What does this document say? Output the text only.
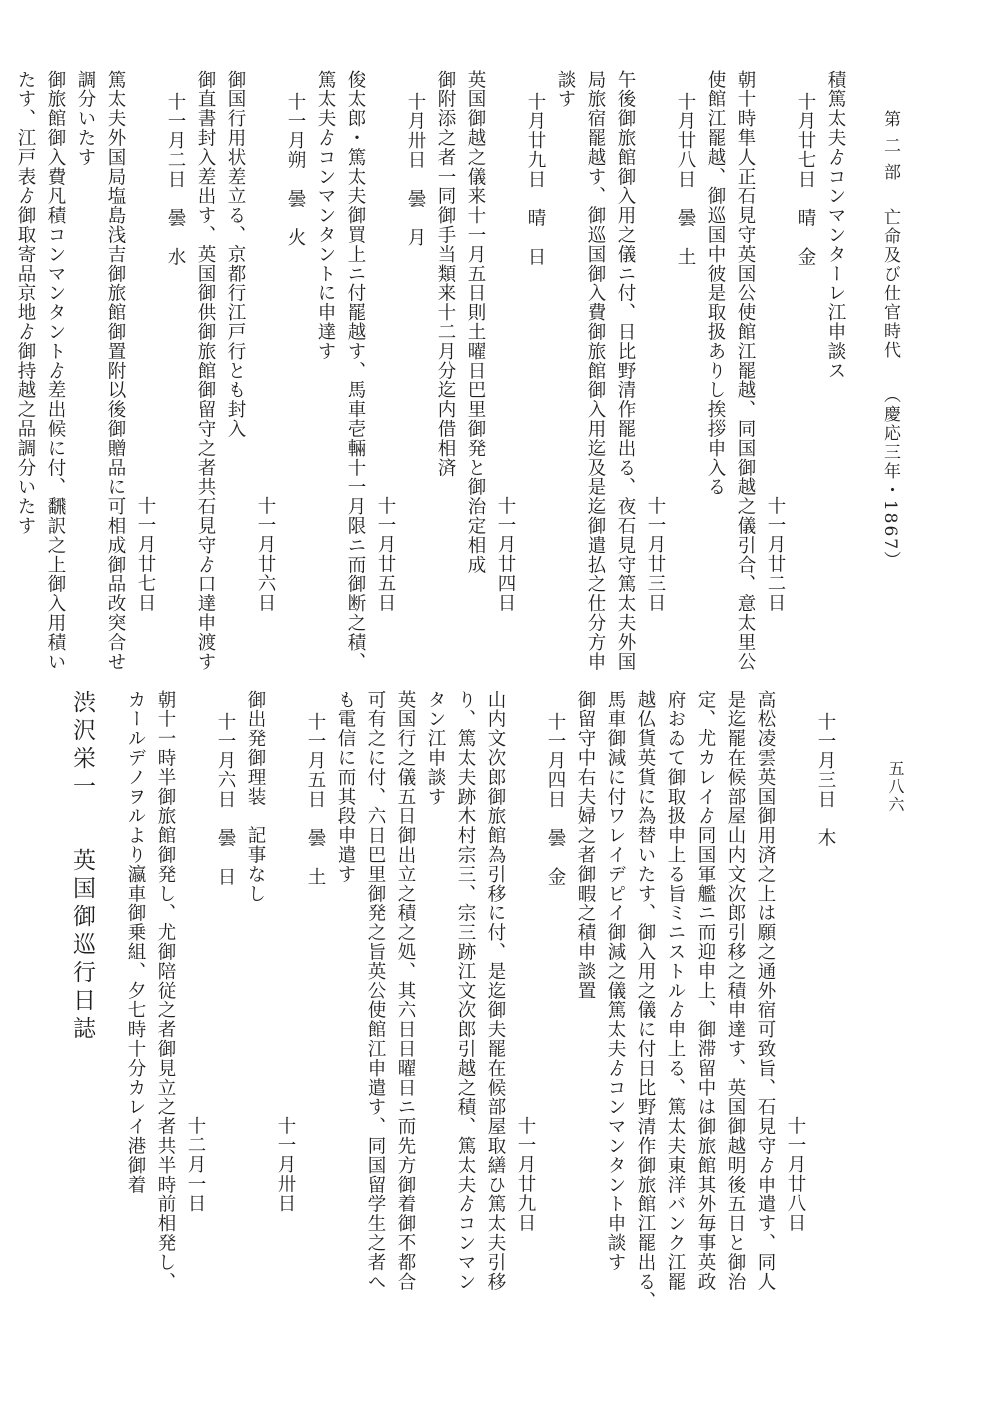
第 二 部亡命及び仕官時代（慶応三年・1867）
五八六
積篤太夫ゟコンマンターレ江申談ス
十月廿七日　晴　金
十一月廿二日
朝十時隼人正石見守英国公使館江罷越、同国御越之儀引合、意太里公
使館江罷越、御巡国中彼是取扱ありし挨拶申入る
十月廿八日　曇　土
十一月廿三日
午後御旅館御入用之儀ニ付、日比野清作罷出る、夜石見守篤太夫外国
局旅宿罷越す、御巡国御入費御旅館御入用迄及是迄御遣払之仕分方申
談す
十月廿九日　晴　日
十一月廿四日
英国御越之儀来十一月五日則土曜日巴里御発と御治定相成
御附添之者一同御手当類来十二月分迄内借相済
十月卅日　曇　月
十一月廿五日
俊太郎・篤太夫御買上ニ付罷越す、馬車壱輛十一月限ニ而御断之積、
篤太夫ゟコンマンタントに申達す
十一月朔　曇　火
十一月廿六日
御国行用状差立る、京都行江戸行とも封入
御直書封入差出す、英国御供御旅館御留守之者共石見守ゟ口達申渡す
十一月二日　曇　水
十一月廿七日
篤太夫外国局塩島浅吉御旅館御置附以後御贈品に可相成御品改突合せ
調分いたす
御旅館御入費凡積コンマンタントゟ差出候に付、飜訳之上御入用積い
たす、江戸表ゟ御取寄品京地ゟ御持越之品調分いたす
十一月三日　木
十一月廿八日
高松凌雲英国御用済之上は願之通外宿可致旨、石見守ゟ申遣す、同人
是迄罷在候部屋山内文次郎引移之積申達す、英国御越明後五日と御治
定、尤カレイゟ同国軍艦ニ而迎申上、御滞留中は御旅館其外毎事英政
府おゐて御取扱申上る旨ミニストルゟ申上る、篤太夫東洋バンク江罷
越仏貨英貨に為替いたす、御入用之儀に付日比野清作御旅館江罷出る、
馬車御減に付ワレイデピイ御減之儀篤太夫ゟコンマンタント申談す
御留守中右夫婦之者御暇之積申談置
十一月四日　曇　金
十一月廿九日
山内文次郎御旅館為引移に付、是迄御夫罷在候部屋取繕ひ篤太夫引移
り、篤太夫跡木村宗三、宗三跡江文次郎引越之積、篤太夫ゟコンマン
タン江申談す
英国行之儀五日御出立之積之処、其六日日曜日ニ而先方御着御不都合
可有之に付、六日巴里御発之旨英公使館江申遣す、同国留学生之者へ
も電信に而其段申遣す
十一月五日　曇　土
十一月卅日
御出発御理装　記事なし
十一月六日　曇　日
十二月一日
朝十一時半御旅館御発し、尤御陪従之者御見立之者共半時前相発し、
カールデノヲルより瀛車御乗組、夕七時十分カレイ港御着
渋沢栄一英国御巡行日誌
